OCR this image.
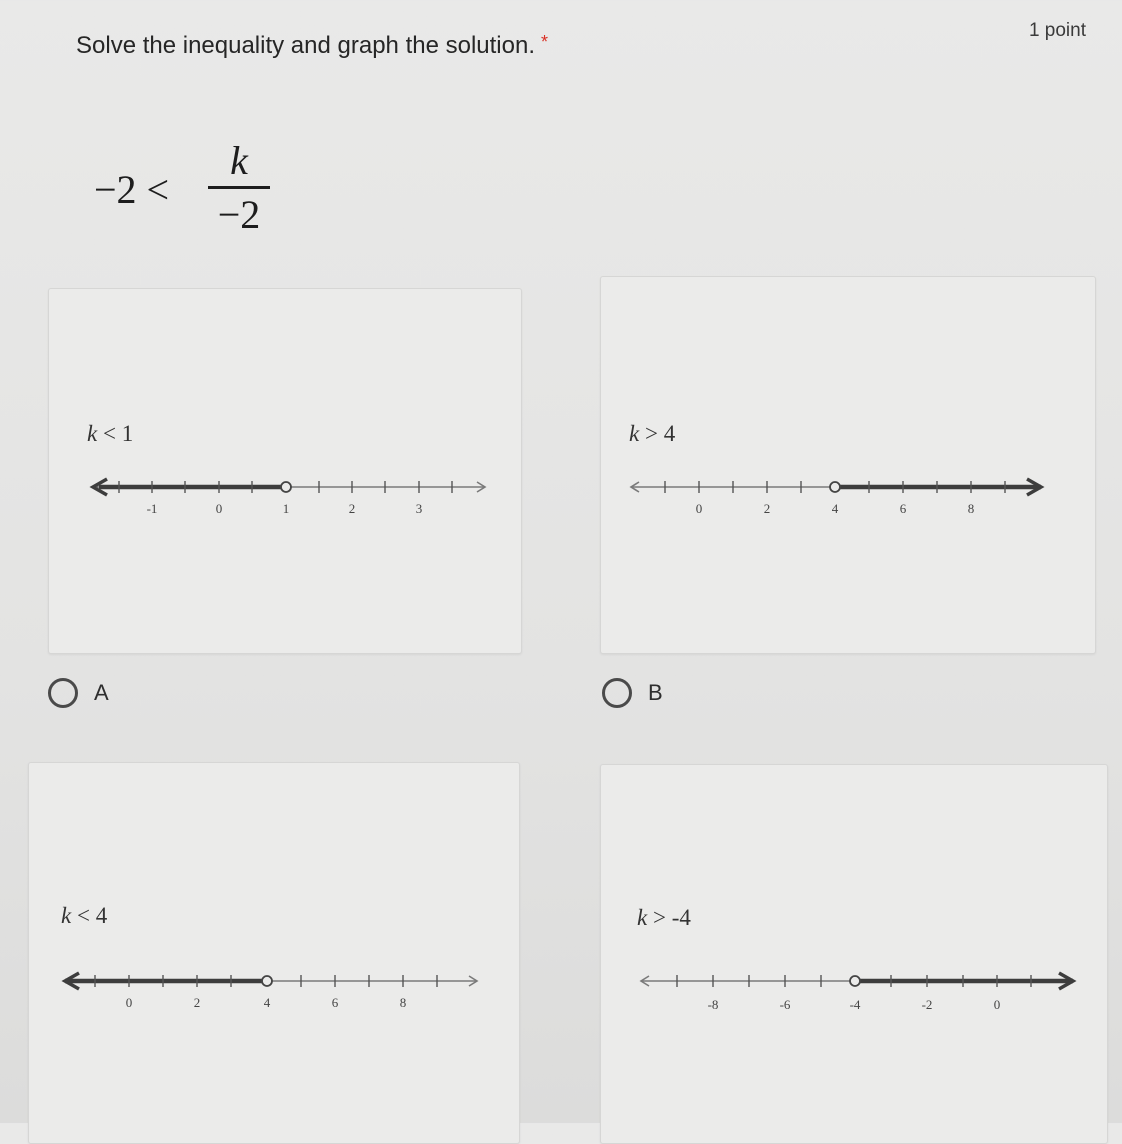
Solve the inequality and graph the solution. *
1 point
−2 <
k
−2
k < 1
-1	0	1	2	3
k > 4
0	2	4	6	8
A	B
k < 4
0	2	4	6	8
k > -4
-8	-6	-4	-2	0
